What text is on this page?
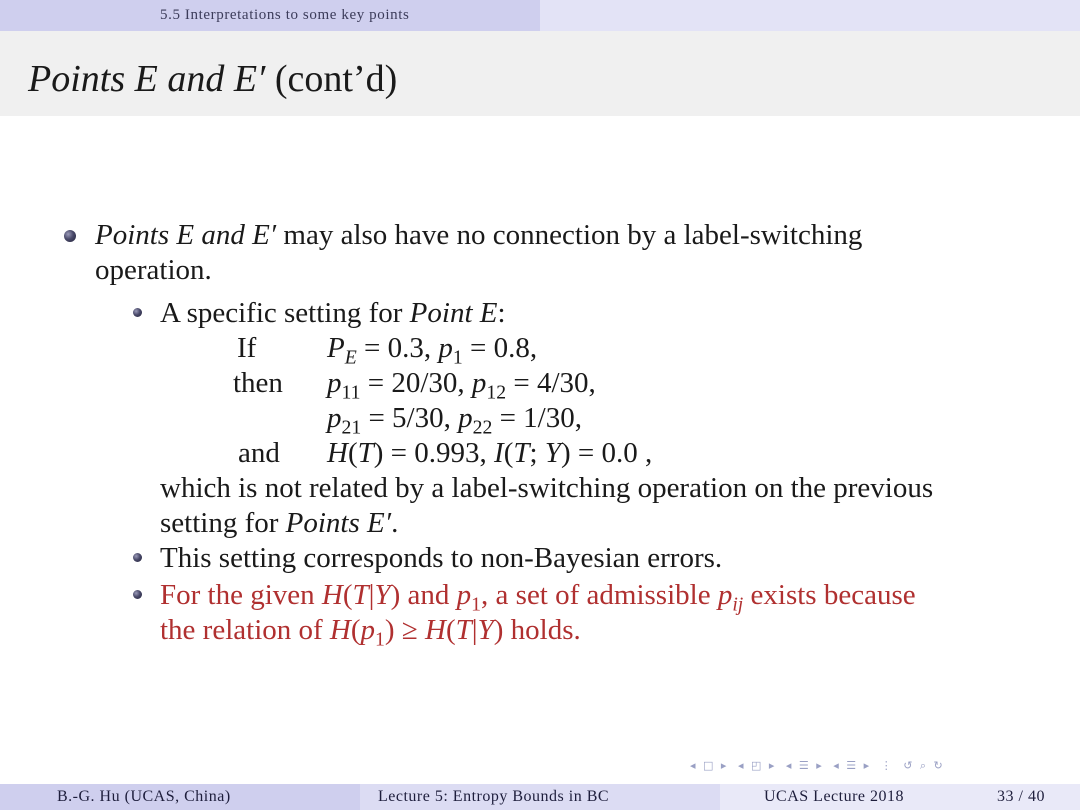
5.5 Interpretations to some key points
Points E and E′ (cont’d)
Points E and E′ may also have no connection by a label-switching
operation.
A specific setting for Point E:
If $P_E = 0.3$, $p_1 = 0.8$,
then $p_{11} = 20/30$, $p_{12} = 4/30$,
$p_{21} = 5/30$, $p_{22} = 1/30$,
and H(T) = 0.993, I(T; Y) = 0.0 ,
which is not related by a label-switching operation on the previous
setting for Points E′.
This setting corresponds to non-Bayesian errors.
For the given H(T|Y) and $p_1$, a set of admissible $p_{ij}$ exists because
the relation of $H(p_1) \ge H(T|Y)$ holds.
◂ □ ▸ ◂ ◰ ▸ ◂ ☰ ▸ ◂ ☰ ▸ ⋮ ↺ ⌕ ↻
B.-G. Hu (UCAS, China)	Lecture 5: Entropy Bounds in BC	UCAS Lecture 2018	33 / 40
